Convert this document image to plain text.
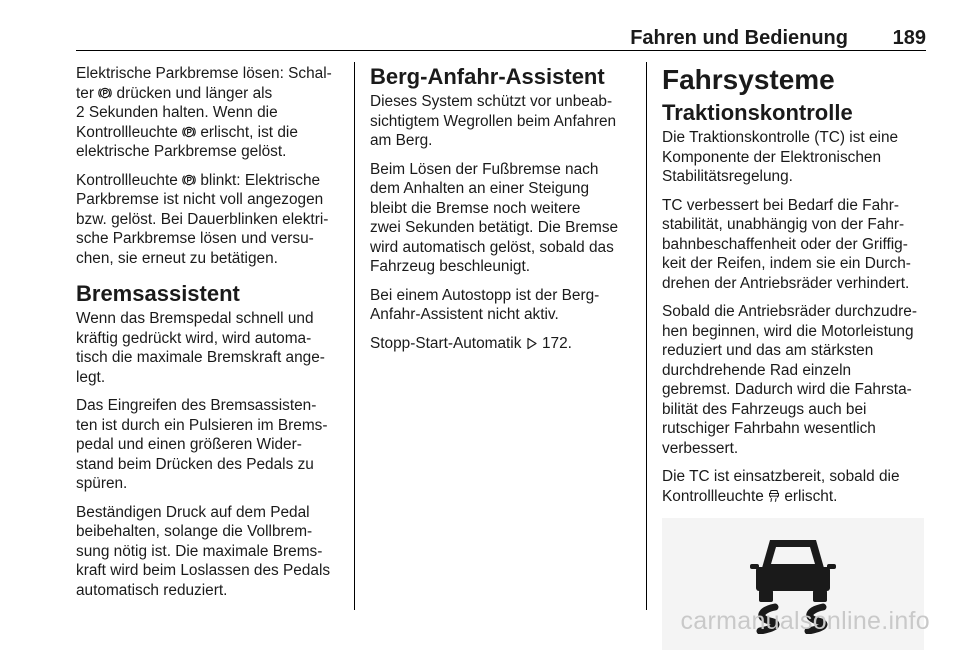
Fahren und Bedienung 189

Elektrische Parkbremse lösen: Schal-
ter  drücken und länger als
2 Sekunden halten. Wenn die
Kontrollleuchte  erlischt, ist die
elektrische Parkbremse gelöst.

Kontrollleuchte  blinkt: Elektrische
Parkbremse ist nicht voll angezogen
bzw. gelöst. Bei Dauerblinken elektri-
sche Parkbremse lösen und versu-
chen, sie erneut zu betätigen.

Bremsassistent

Wenn das Bremspedal schnell und
kräftig gedrückt wird, wird automa-
tisch die maximale Bremskraft ange-
legt.

Das Eingreifen des Bremsassisten-
ten ist durch ein Pulsieren im Brems-
pedal und einen größeren Wider-
stand beim Drücken des Pedals zu
spüren.

Beständigen Druck auf dem Pedal
beibehalten, solange die Vollbrem-
sung nötig ist. Die maximale Brems-
kraft wird beim Loslassen des Pedals
automatisch reduziert.

Berg-Anfahr-Assistent

Dieses System schützt vor unbeab-
sichtigtem Wegrollen beim Anfahren
am Berg.

Beim Lösen der Fußbremse nach
dem Anhalten an einer Steigung
bleibt die Bremse noch weitere
zwei Sekunden betätigt. Die Bremse
wird automatisch gelöst, sobald das
Fahrzeug beschleunigt.

Bei einem Autostopp ist der Berg-
Anfahr-Assistent nicht aktiv.

Stopp-Start-Automatik  172.

Fahrsysteme
Traktionskontrolle

Die Traktionskontrolle (TC) ist eine
Komponente der Elektronischen
Stabilitätsregelung.

TC verbessert bei Bedarf die Fahr-
stabilität, unabhängig von der Fahr-
bahnbeschaffenheit oder der Griffig-
keit der Reifen, indem sie ein Durch-
drehen der Antriebsräder verhindert.

Sobald die Antriebsräder durchzudre-
hen beginnen, wird die Motorleistung
reduziert und das am stärksten
durchdrehende Rad einzeln
gebremst. Dadurch wird die Fahrsta-
bilität des Fahrzeugs auch bei
rutschiger Fahrbahn wesentlich
verbessert.

Die TC ist einsatzbereit, sobald die
Kontrollleuchte  erlischt.

carmanualsonline.info
